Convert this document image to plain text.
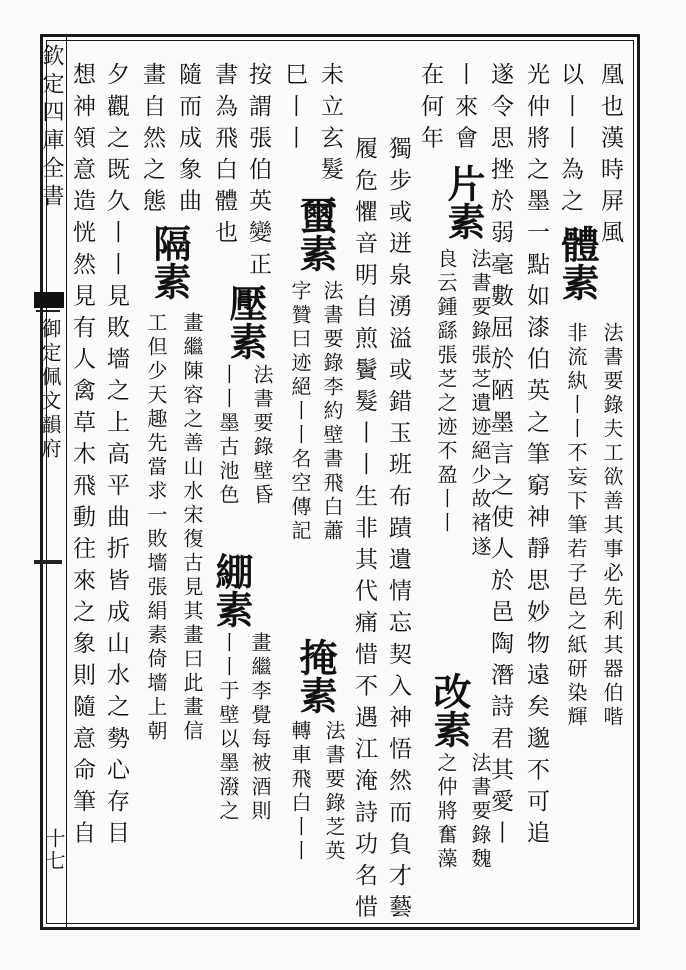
欽定四庫全書
御定佩文韻府
十七
凰也漢時屏風
以丨丨為之
體素
法書要錄夫工欲善其事必先利其器伯喈
非流紈丨丨不妄下筆若子邑之紙研染輝
光仲將之墨一點如漆伯英之筆窮神靜思妙物遠矣邈不可追
遂令思挫於弱毫數屈於陋墨言之使人於邑陶潛詩君其愛丨
丨來會
片素
法書要錄張芝遺迹絕少故褚遂
在何年
良云鍾繇張芝之迹不盈丨丨
改素
法書要錄魏
之仲將奮藻
獨步或迸泉湧溢或錯玉班布蹟遺情忘契入神悟然而負才藝
履危懼音明自煎鬢髮丨丨生非其代痛惜不遇江淹詩功名惜
未立玄髮
蠒素
法書要錄李約壁書飛白蕭
字贊曰迹絕丨丨名空傳記
掩素
法書要錄芝英
轉車飛白丨丨
巳丨丨
按謂張伯英變正
壓素
法書要錄壁昏
書為飛白體也
丨丨墨古池色
綳素
畫繼李覺每被酒則
丨丨于壁以墨潑之
隨而成象曲
隔素
畫繼陳容之善山水宋復古見其畫曰此畫信
畫自然之態
工但少天趣先當求一敗墻張絹素倚墻上朝
夕觀之既久丨丨見敗墻之上高平曲折皆成山水之勢心存目
想神領意造恍然見有人禽草木飛動往來之象則隨意命筆自
